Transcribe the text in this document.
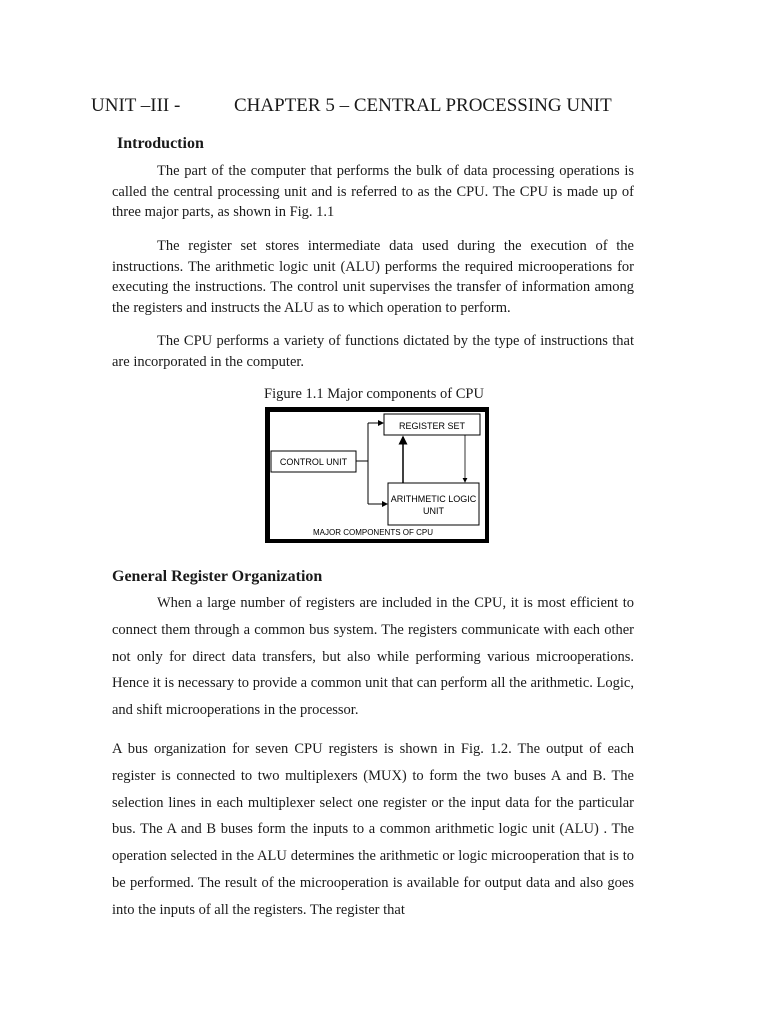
UNIT –III -	CHAPTER 5 – CENTRAL PROCESSING UNIT
Introduction

The part of the computer that performs the bulk of data processing operations is called the central processing unit and is referred to as the CPU. The CPU is made up of three major parts, as shown in Fig. 1.1

The register set stores intermediate data used during the execution of the instructions. The arithmetic logic unit (ALU) performs the required microoperations for executing the instructions. The control unit supervises the transfer of information among the registers and instructs the ALU as to which operation to perform.

The CPU performs a variety of functions dictated by the type of instructions that are incorporated in the computer.

Figure 1.1 Major components of CPU
REGISTER SET
CONTROL UNIT
ARITHMETIC LOGIC
UNIT
MAJOR COMPONENTS OF CPU
General Register Organization

When a large number of registers are included in the CPU, it is most efficient to connect them through a common bus system. The registers communicate with each other not only for direct data transfers, but also while performing various microoperations. Hence it is necessary to provide a common unit that can perform all the arithmetic. Logic, and shift microoperations in the processor.

A bus organization for seven CPU registers is shown in Fig. 1.2. The output of each register is connected to two multiplexers (MUX) to form the two buses A and B. The selection lines in each multiplexer select one register or the input data for the particular bus. The A and B buses form the inputs to a common arithmetic logic unit (ALU) . The operation selected in the ALU determines the arithmetic or logic microoperation that is to be performed. The result of the microoperation is available for output data and also goes into the inputs of all the registers. The register that
